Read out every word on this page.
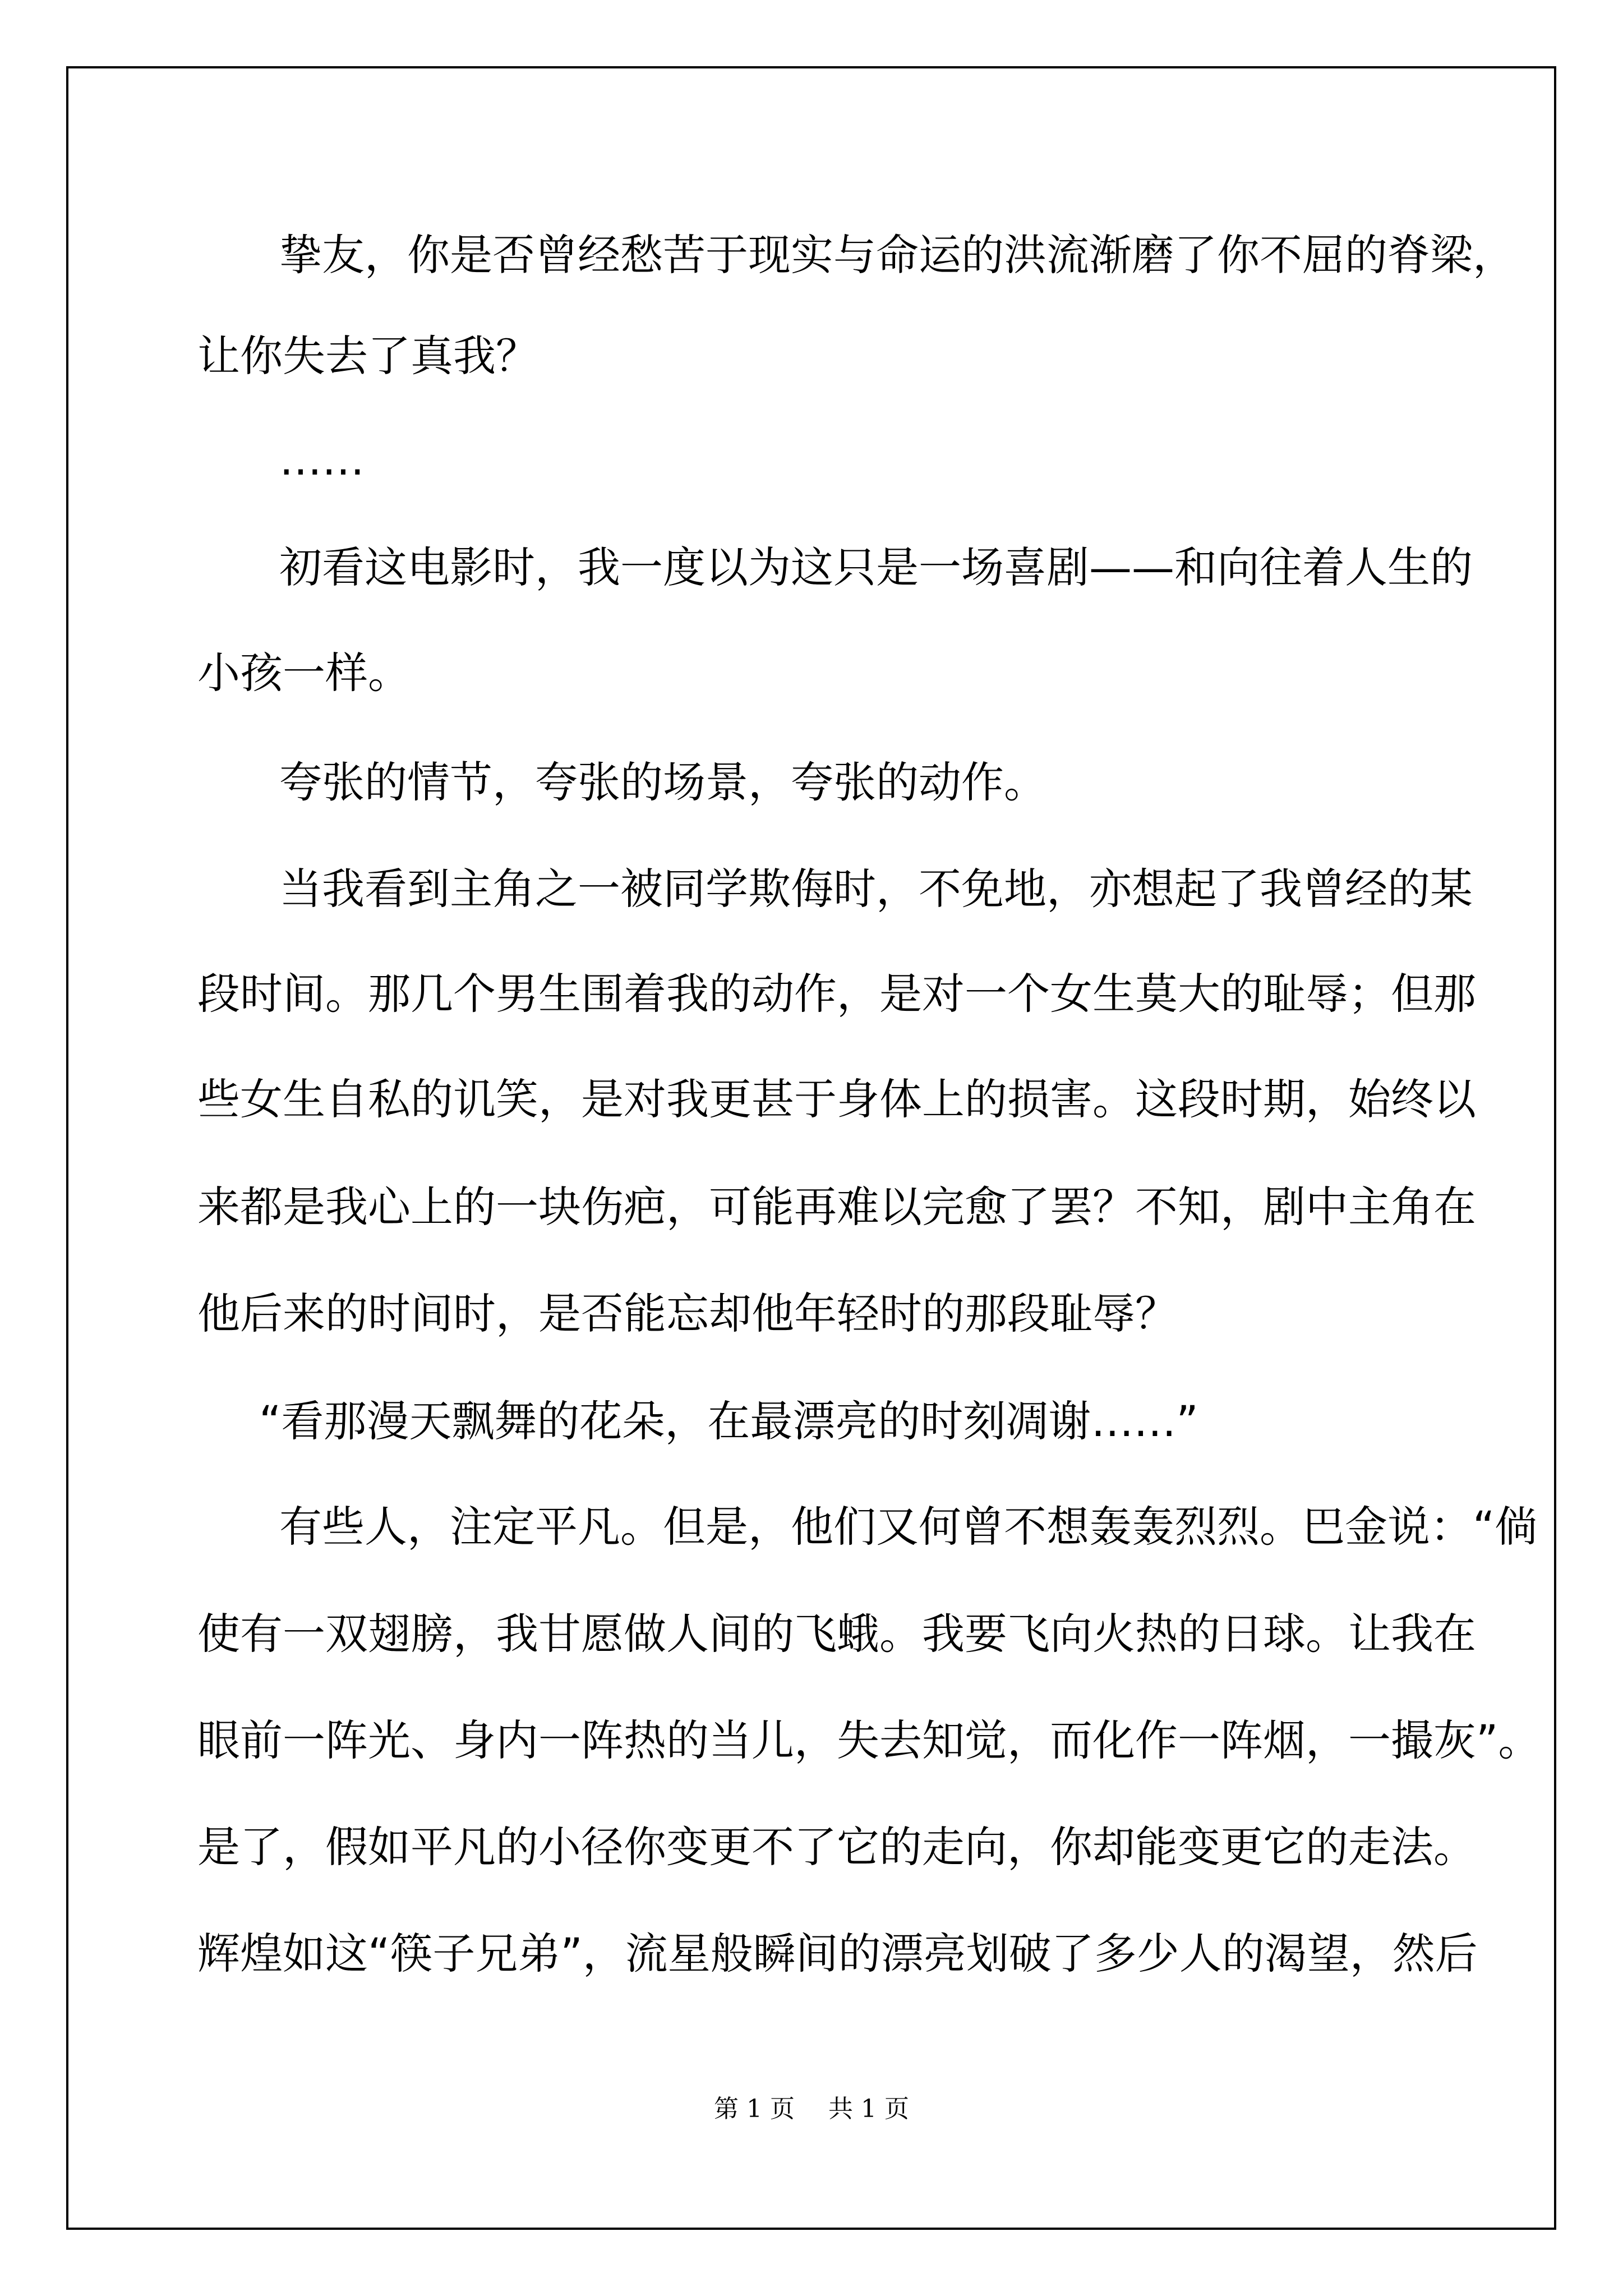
挚友，你是否曾经愁苦于现实与命运的洪流渐磨了你不屈的脊梁，
让你失去了真我？
……
初看这电影时，我一度以为这只是一场喜剧——和向往着人生的
小孩一样。
夸张的情节，夸张的场景，夸张的动作。
当我看到主角之一被同学欺侮时，不免地，亦想起了我曾经的某
段时间。那几个男生围着我的动作，是对一个女生莫大的耻辱；但那
些女生自私的讥笑，是对我更甚于身体上的损害。这段时期，始终以
来都是我心上的一块伤疤，可能再难以完愈了罢？不知，剧中主角在
他后来的时间时，是否能忘却他年轻时的那段耻辱？
“看那漫天飘舞的花朵，在最漂亮的时刻凋谢……”
有些人，注定平凡。但是，他们又何曾不想轰轰烈烈。巴金说：“倘
使有一双翅膀，我甘愿做人间的飞蛾。我要飞向火热的日球。让我在
眼前一阵光、身内一阵热的当儿，失去知觉，而化作一阵烟，一撮灰”。
是了，假如平凡的小径你变更不了它的走向，你却能变更它的走法。
辉煌如这“筷子兄弟”，流星般瞬间的漂亮划破了多少人的渴望，然后
第 1 页 共 1 页
